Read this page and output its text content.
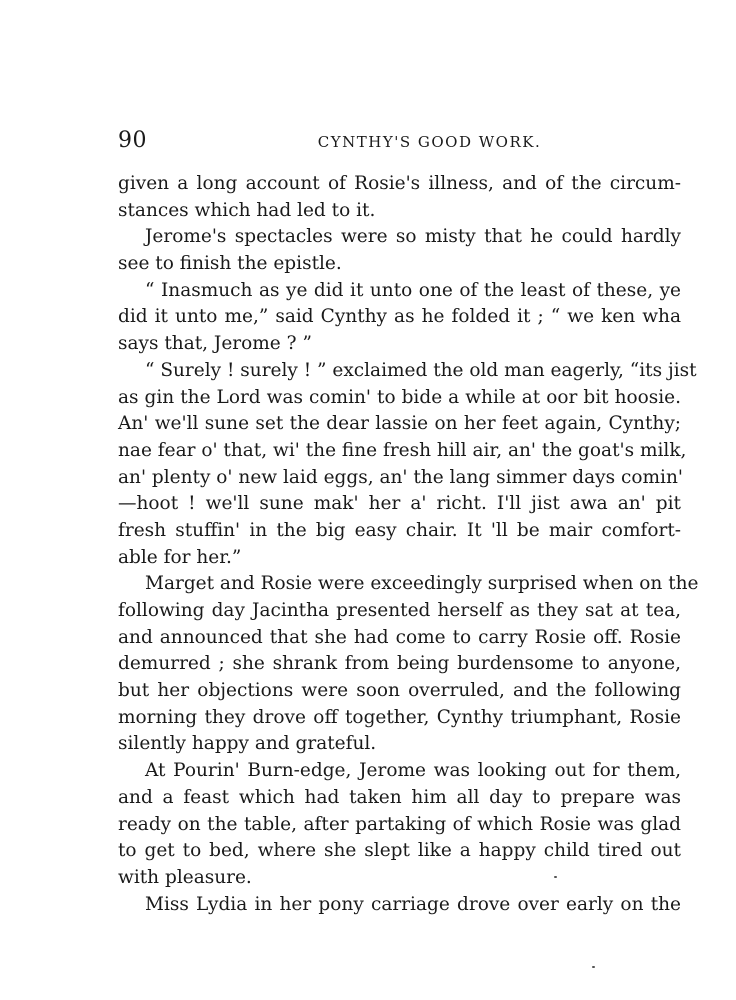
90	CYNTHY'S GOOD WORK.
given a long account of Rosie's illness, and of the circum-
stances which had led to it.
Jerome's spectacles were so misty that he could hardly
see to finish the epistle.
“ Inasmuch as ye did it unto one of the least of these, ye
did it unto me,” said Cynthy as he folded it ; “ we ken wha
says that, Jerome ? ”
“ Surely ! surely ! ” exclaimed the old man eagerly, “its jist
as gin the Lord was comin' to bide a while at oor bit hoosie.
An' we'll sune set the dear lassie on her feet again, Cynthy;
nae fear o' that, wi' the fine fresh hill air, an' the goat's milk,
an' plenty o' new laid eggs, an' the lang simmer days comin'
—hoot ! we'll sune mak' her a' richt. I'll jist awa an' pit
fresh stuffin' in the big easy chair. It 'll be mair comfort-
able for her.”
Marget and Rosie were exceedingly surprised when on the
following day Jacintha presented herself as they sat at tea,
and announced that she had come to carry Rosie off. Rosie
demurred ; she shrank from being burdensome to anyone,
but her objections were soon overruled, and the following
morning they drove off together, Cynthy triumphant, Rosie
silently happy and grateful.
At Pourin' Burn-edge, Jerome was looking out for them,
and a feast which had taken him all day to prepare was
ready on the table, after partaking of which Rosie was glad
to get to bed, where she slept like a happy child tired out
with pleasure.
Miss Lydia in her pony carriage drove over early on the
